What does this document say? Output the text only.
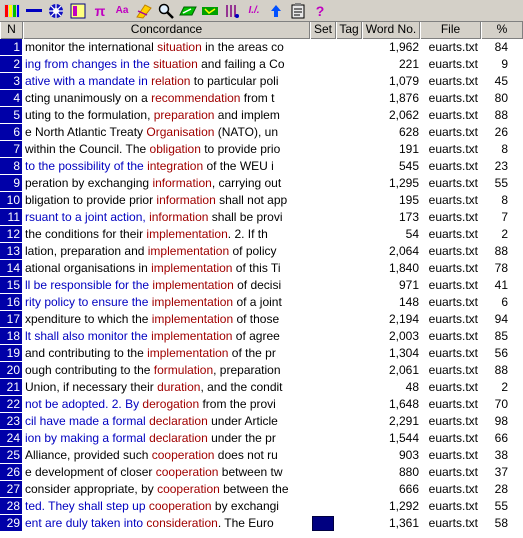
π Aa	I./.	?
N	Concordance	Set Tag Word No.	File	%
1 monitor the international situation in the areas co	1,962 euarts.txt	84
2 ing from changes in the situation and failing a Co	221 euarts.txt	9
3 ative with a mandate in relation to particular poli	1,079 euarts.txt	45
4 cting unanimously on a recommendation from t	1,876 euarts.txt	80
5 uting to the formulation, preparation and implem	2,062 euarts.txt	88
6 e North Atlantic Treaty Organisation (NATO), un	628 euarts.txt	26
7 within the Council. The obligation to provide prio	191 euarts.txt	8
8 to the possibility of the integration of the WEU i	545 euarts.txt	23
9 peration by exchanging information, carrying out	1,295 euarts.txt	55
10 bligation to provide prior information shall not app	195 euarts.txt	8
11 rsuant to a joint action, information shall be provi	173 euarts.txt	7
12 the conditions for their implementation. 2. If th	54 euarts.txt	2
13 lation, preparation and implementation of policy	2,064 euarts.txt	88
14 ational organisations in implementation of this Ti	1,840 euarts.txt	78
15 ll be responsible for the implementation of decisi	971 euarts.txt	41
16 rity policy to ensure the implementation of a joint	148 euarts.txt	6
17 xpenditure to which the implementation of those	2,194 euarts.txt	94
18 lt shall also monitor the implementation of agree	2,003 euarts.txt	85
19 and contributing to the implementation of the pr	1,304 euarts.txt	56
20 ough contributing to the formulation, preparation	2,061 euarts.txt	88
21 Union, if necessary their duration, and the condit	48 euarts.txt	2
22 not be adopted. 2. By derogation from the provi	1,648 euarts.txt	70
23 cil have made a formal declaration under Article	2,291 euarts.txt	98
24 ion by making a formal declaration under the pr	1,544 euarts.txt	66
25 Alliance, provided such cooperation does not ru	903 euarts.txt	38
26 e development of closer cooperation between tw	880 euarts.txt	37
27 consider appropriate, by cooperation between the	666 euarts.txt	28
28 ted. They shall step up cooperation by exchangi	1,292 euarts.txt	55
29 ent are duly taken into consideration. The Euro	1,361 euarts.txt	58
